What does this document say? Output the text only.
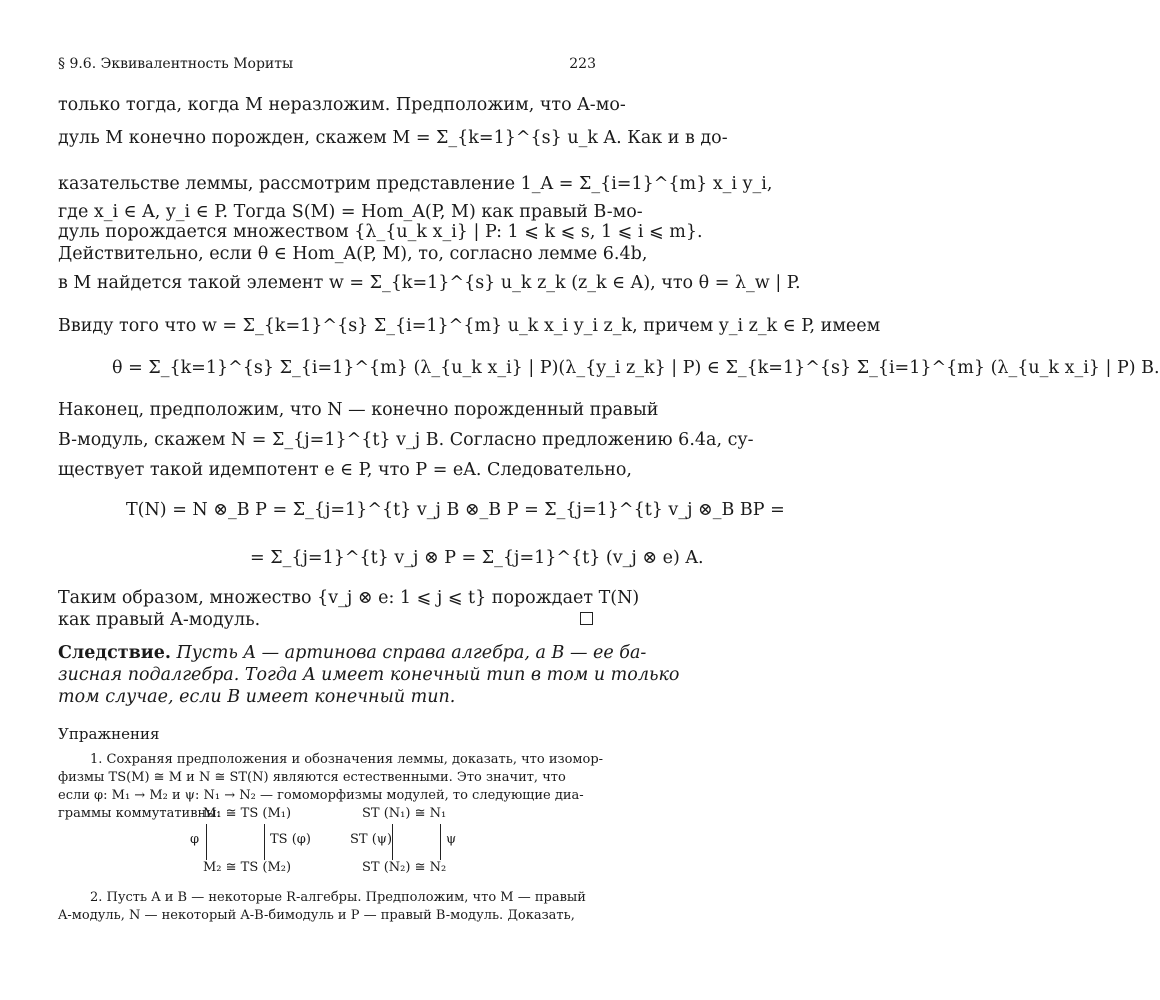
§ 9.6. Эквивалентность Мориты	223
только тогда, когда M неразложим. Предположим, что A-мо-
дуль M конечно порожден, скажем M = Σ_{k=1}^{s} u_k A. Как и в до-
казательстве леммы, рассмотрим представление 1_A = Σ_{i=1}^{m} x_i y_i,
где x_i ∈ A, y_i ∈ P. Тогда S(M) = Hom_A(P, M) как правый B-мо-
дуль порождается множеством {λ_{u_k x_i} | P: 1 ⩽ k ⩽ s, 1 ⩽ i ⩽ m}.
Действительно, если θ ∈ Hom_A(P, M), то, согласно лемме 6.4b,
в M найдется такой элемент w = Σ_{k=1}^{s} u_k z_k (z_k ∈ A), что θ = λ_w | P.
Ввиду того что w = Σ_{k=1}^{s} Σ_{i=1}^{m} u_k x_i y_i z_k, причем y_i z_k ∈ P, имеем
θ = Σ_{k=1}^{s} Σ_{i=1}^{m} (λ_{u_k x_i} | P)(λ_{y_i z_k} | P) ∈ Σ_{k=1}^{s} Σ_{i=1}^{m} (λ_{u_k x_i} | P) B.
Наконец, предположим, что N — конечно порожденный правый
B-модуль, скажем N = Σ_{j=1}^{t} v_j B. Согласно предложению 6.4a, су-
ществует такой идемпотент e ∈ P, что P = eA. Следовательно,
T(N) = N ⊗_B P = Σ_{j=1}^{t} v_j B ⊗_B P = Σ_{j=1}^{t} v_j ⊗_B BP =
= Σ_{j=1}^{t} v_j ⊗ P = Σ_{j=1}^{t} (v_j ⊗ e) A.
Таким образом, множество {v_j ⊗ e: 1 ⩽ j ⩽ t} порождает T(N)
как правый A-модуль.
Следствие. Пусть A — артинова справа алгебра, а B — ее ба-
зисная подалгебра. Тогда A имеет конечный тип в том и только
том случае, если B имеет конечный тип.
Упражнения
1. Сохраняя предположения и обозначения леммы, доказать, что изомор-
физмы TS(M) ≅ M и N ≅ ST(N) являются естественными. Это значит, что
если φ: M₁ → M₂ и ψ: N₁ → N₂ — гомоморфизмы модулей, то следующие диа-
граммы коммутативны:
M₁ ≅ TS (M₁)
φ	TS (φ)
M₂ ≅ TS (M₂)
ST (N₁) ≅ N₁
ST (ψ)	ψ
ST (N₂) ≅ N₂
2. Пусть A и B — некоторые R-алгебры. Предположим, что M — правый
A-модуль, N — некоторый A-B-бимодуль и P — правый B-модуль. Доказать,
